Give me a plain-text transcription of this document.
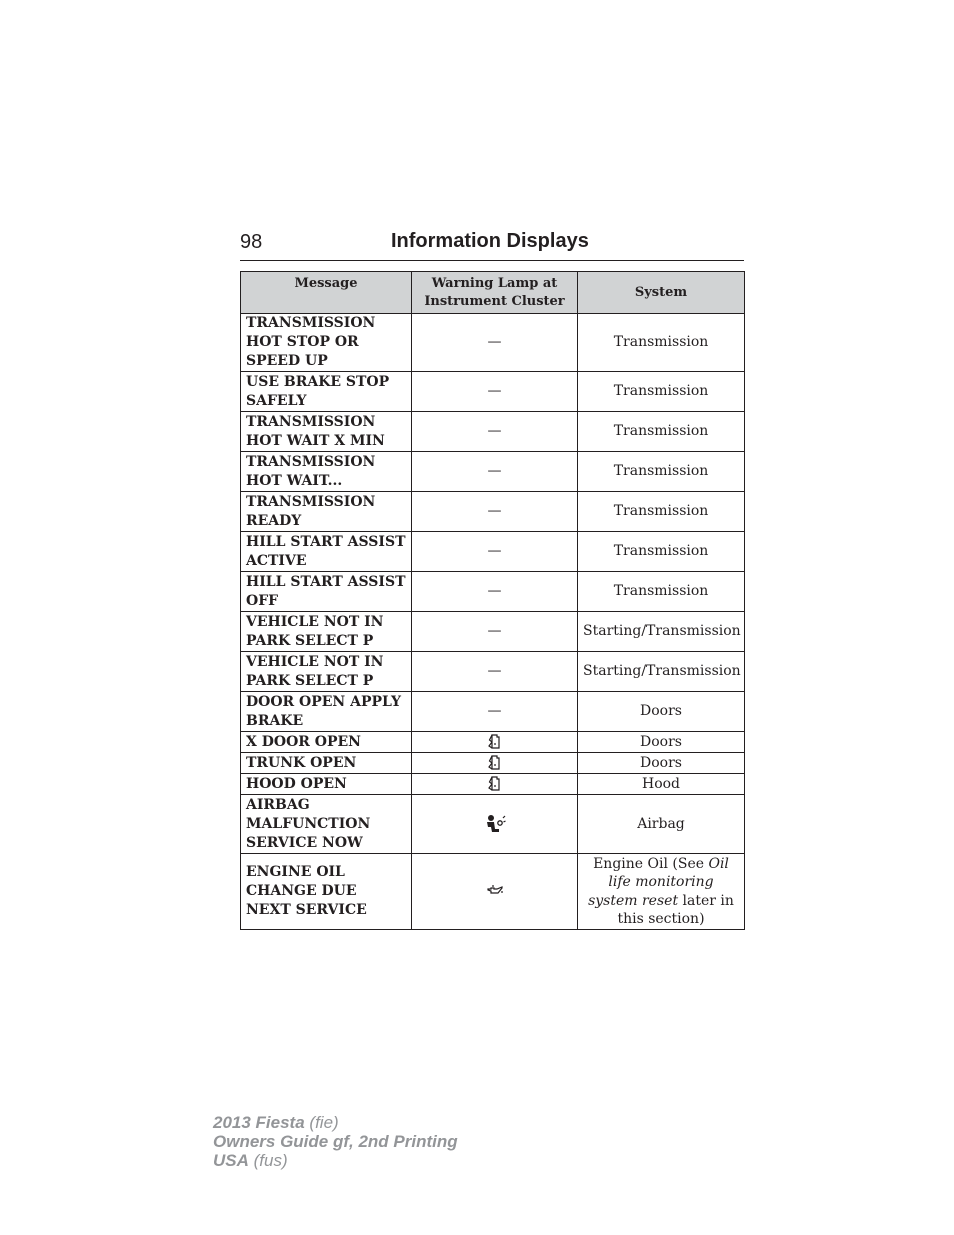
98	Information Displays
Message	Warning Lamp at Instrument Cluster	System
TRANSMISSION HOT STOP OR SPEED UP	—	Transmission
USE BRAKE STOP SAFELY	—	Transmission
TRANSMISSION HOT WAIT X MIN	—	Transmission
TRANSMISSION HOT WAIT...	—	Transmission
TRANSMISSION READY	—	Transmission
HILL START ASSIST ACTIVE	—	Transmission
HILL START ASSIST OFF	—	Transmission
VEHICLE NOT IN PARK SELECT P	—	Starting/Transmission
VEHICLE NOT IN PARK SELECT P	—	Starting/Transmission
DOOR OPEN APPLY BRAKE	—	Doors
X DOOR OPEN		Doors
TRUNK OPEN		Doors
HOOD OPEN		Hood
AIRBAG MALFUNCTION SERVICE NOW		Airbag
ENGINE OIL CHANGE DUE NEXT SERVICE		Engine Oil (See Oil life monitoring system reset later in this section)
2013 Fiesta (fie)
Owners Guide gf, 2nd Printing
USA (fus)
